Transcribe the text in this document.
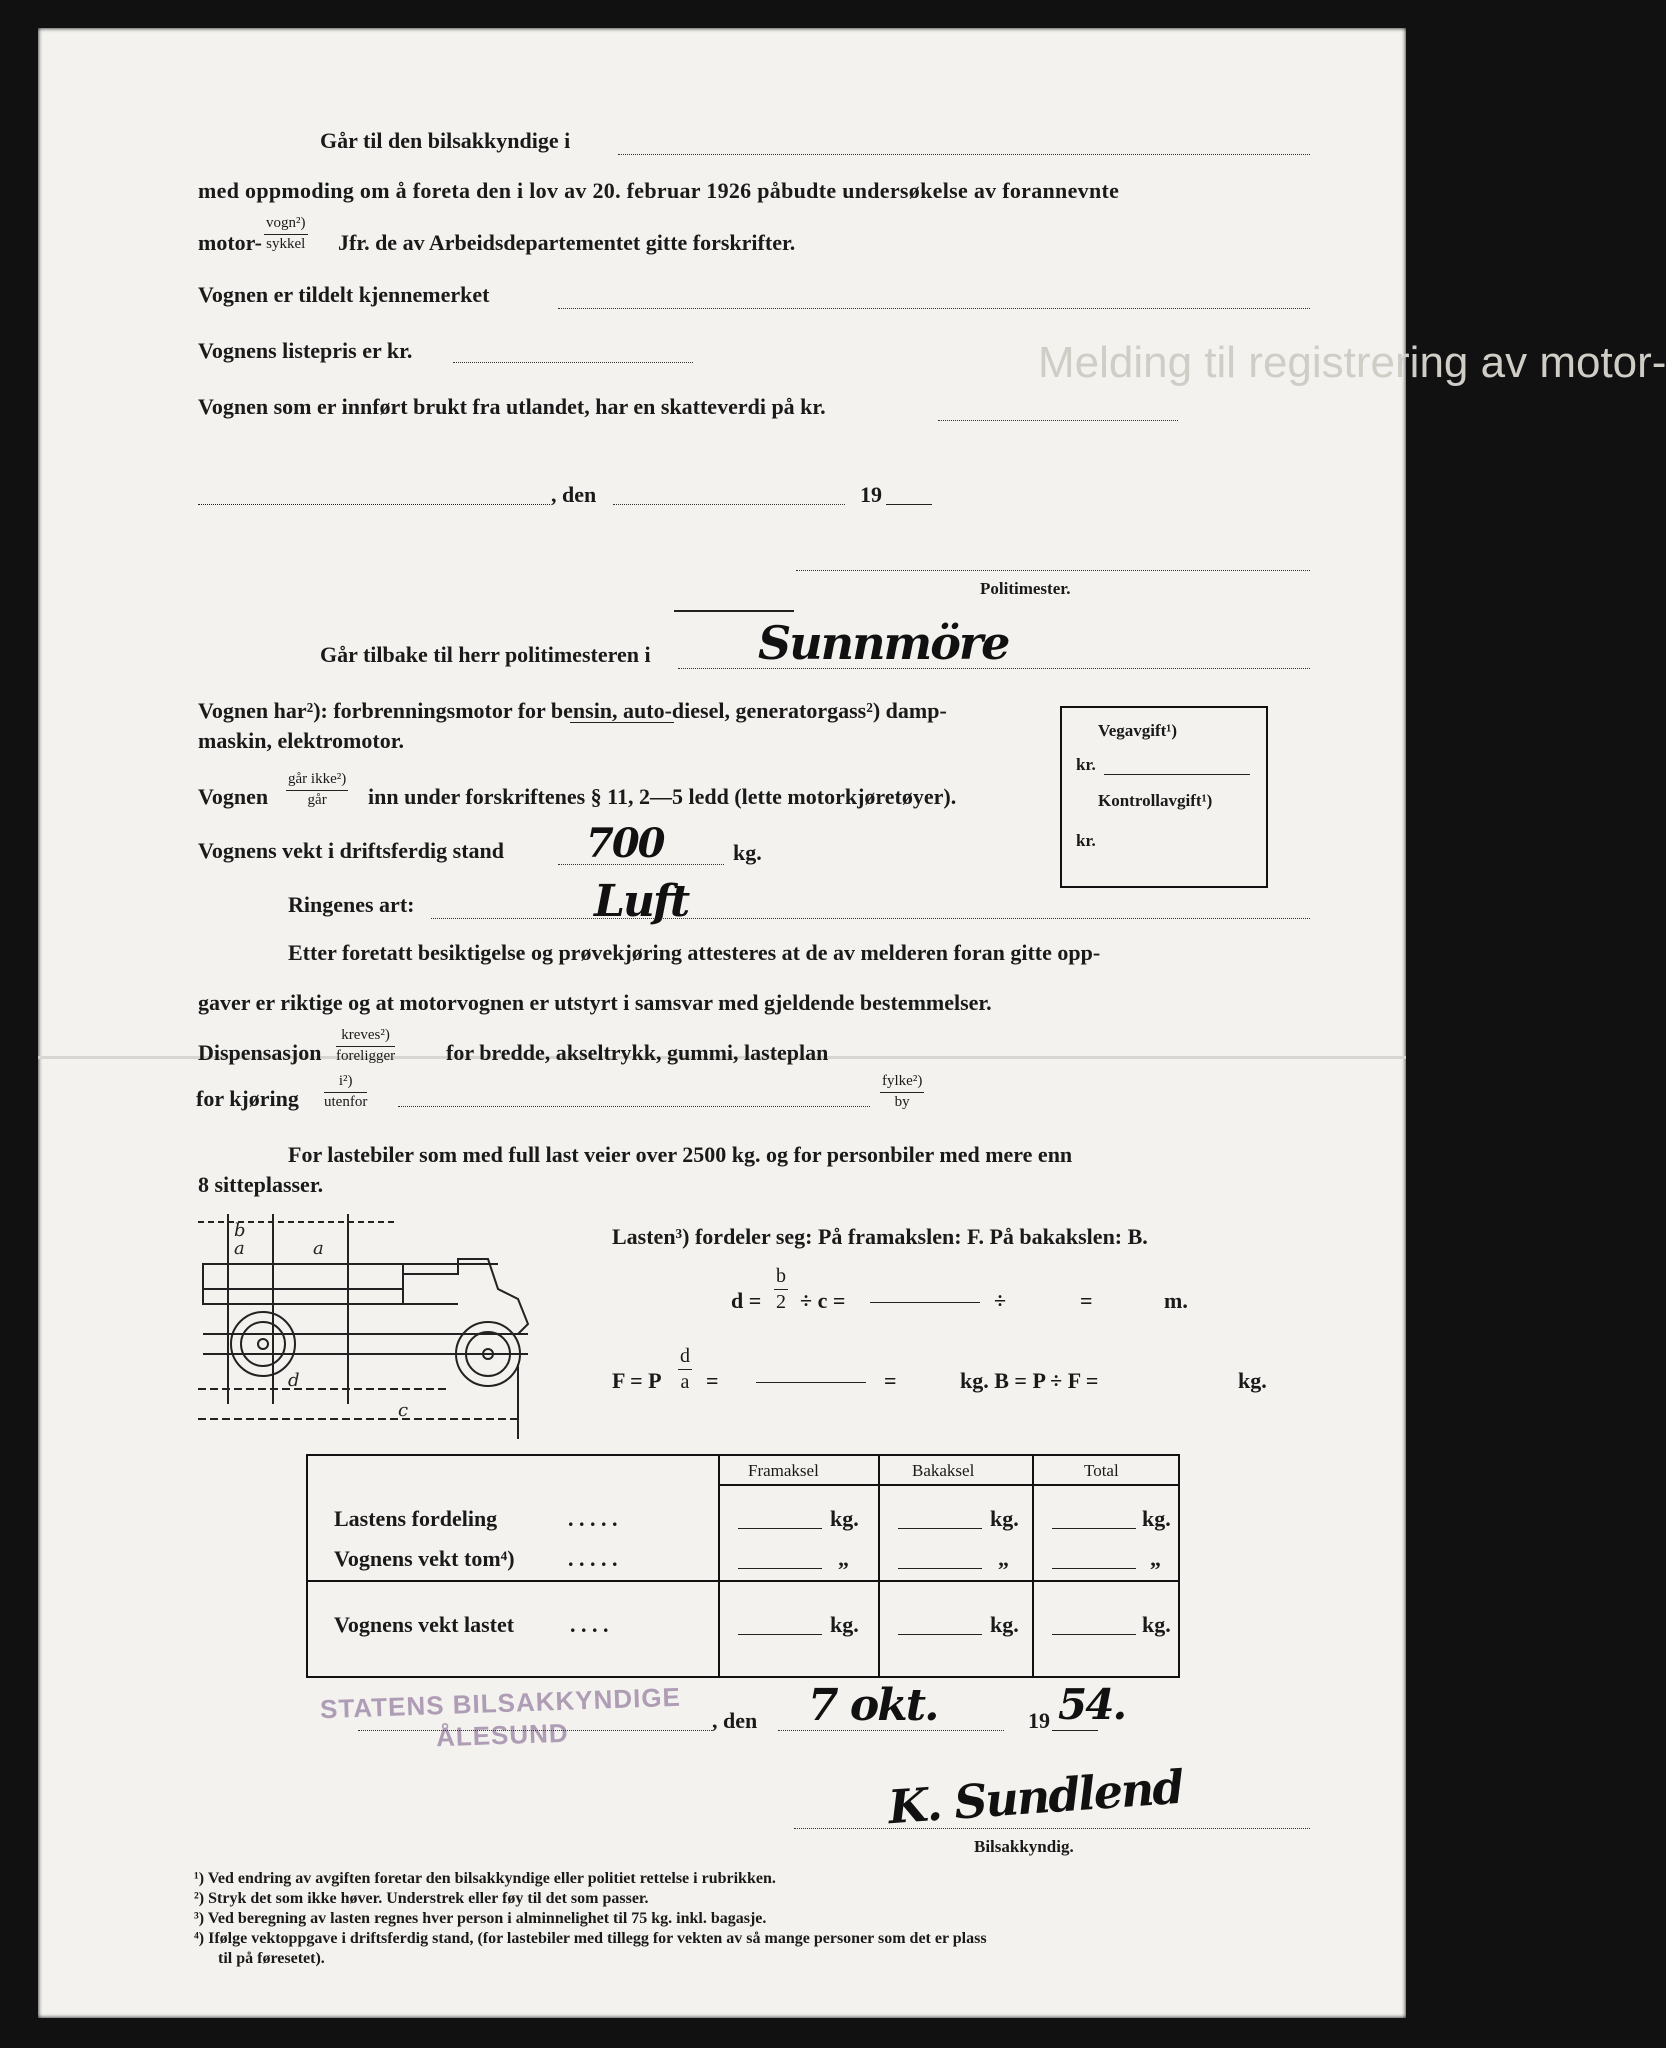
Melding til registrering av motor-
Går til den bilsakkyndige i
med oppmoding om å foreta den i lov av 20. februar 1926 påbudte undersøkelse av forannevnte
motor-
vogn²)
sykkel Jfr. de av Arbeidsdepartementet gitte forskrifter.
Vognen er tildelt kjennemerket
Vognens listepris er kr.
Vognen som er innført brukt fra utlandet, har en skatteverdi på kr.
, den	19
Politimester.
Går tilbake til herr politimesteren i Sunnmöre
Vognen har²): forbrenningsmotor for bensin, auto-diesel, generatorgass²) damp-
maskin, elektromotor.
Vognen
går ikke²)
går	inn under forskriftenes § 11, 2—5 ledd (lette motorkjøretøyer).
Vognens vekt i driftsferdig stand 700	kg.
Ringenes art:	Luft
Etter foretatt besiktigelse og prøvekjøring attesteres at de av melderen foran gitte opp-
gaver er riktige og at motorvognen er utstyrt i samsvar med gjeldende bestemmelser.
Dispensasjon
kreves²)
foreligger for bredde, akseltrykk, gummi, lasteplan
for kjøring
i²)
utenfor
fylke²)
by
For lastebiler som med full last veier over 2500 kg. og for personbiler med mere enn
8 sitteplasser.
Vegavgift¹)
kr.
Kontrollavgift¹)
kr.
b
a	a
d
c
Lasten³) fordeler seg: På framakslen: F. På bakakslen: B.
$d = \frac{b}{2} \div c$ =	÷	=	m.
F = P $\frac{d}{a}$ =	=	kg. B = P ÷ F =	kg.
Framaksel	Bakaksel	Total
Lastens fordeling	. . . . .	kg.	kg.	kg.
Vognens vekt tom⁴) . . . . .	„	„	„
Vognens vekt lastet	. . . .	kg.	kg.	kg.
STATENS BILSAKKYNDIGE
ÅLESUND	, den 7 okt.	19 54.
K. Sundlend
Bilsakkyndig.
¹) Ved endring av avgiften foretar den bilsakkyndige eller politiet rettelse i rubrikken.
²) Stryk det som ikke høver. Understrek eller føy til det som passer.
³) Ved beregning av lasten regnes hver person i alminnelighet til 75 kg. inkl. bagasje.
⁴) Ifølge vektoppgave i driftsferdig stand, (for lastebiler med tillegg for vekten av så mange personer som det er plass
til på føresetet).
